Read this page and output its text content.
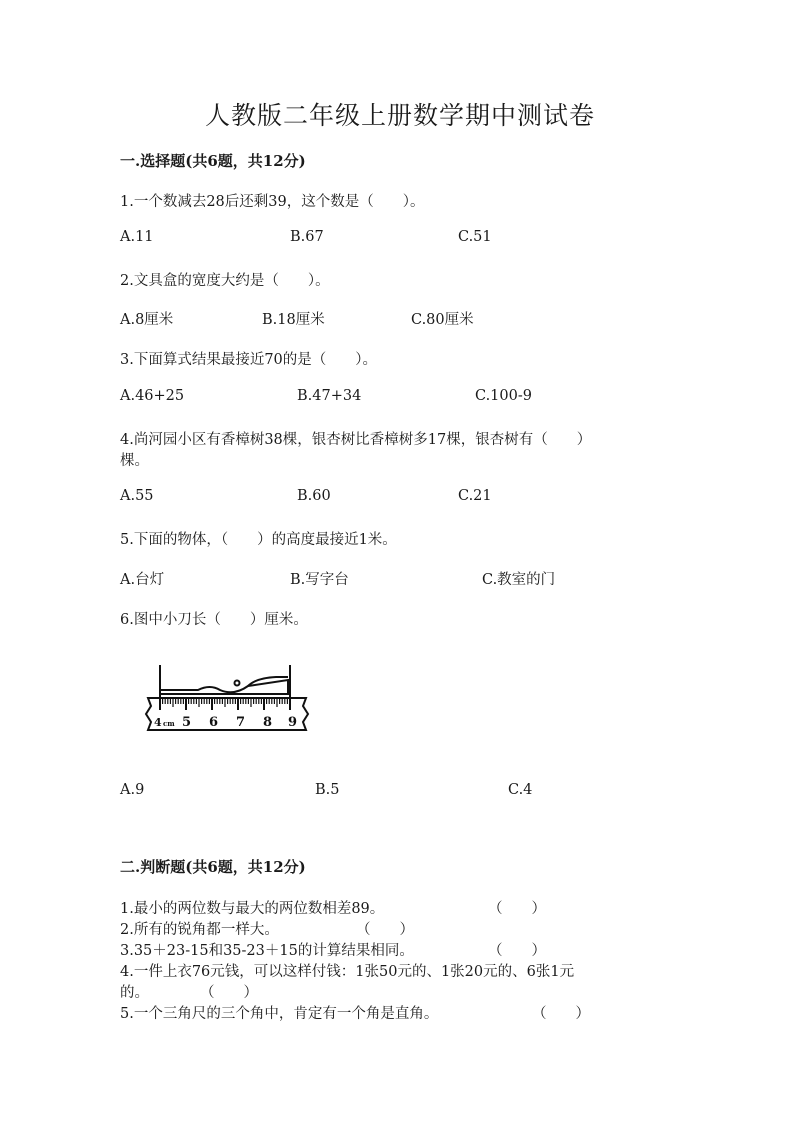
人教版二年级上册数学期中测试卷
一.选择题(共6题，共12分)
1.一个数减去28后还剩39，这个数是（　　）。
A.11	B.67	C.51
2.文具盒的宽度大约是（　　）。
A.8厘米	B.18厘米	C.80厘米
3.下面算式结果最接近70的是（　　）。
A.46+25	B.47+34	C.100-9
4.尚河园小区有香樟树38棵，银杏树比香樟树多17棵，银杏树有（　　）
棵。
A.55	B.60	C.21
5.下面的物体，（　　）的高度最接近1米。
A.台灯	B.写字台	C.教室的门
6.图中小刀长（　　）厘米。
4 cm 5 6 7 8 9
A.9	B.5	C.4
二.判断题(共6题，共12分)
1.最小的两位数与最大的两位数相差89。	（　　）
2.所有的锐角都一样大。	（　　）
3.35＋23-15和35-23＋15的计算结果相同。	（　　）
4.一件上衣76元钱，可以这样付钱：1张50元的、1张20元的、6张1元
的。	（　　）
5.一个三角尺的三个角中，肯定有一个角是直角。	（　　）
